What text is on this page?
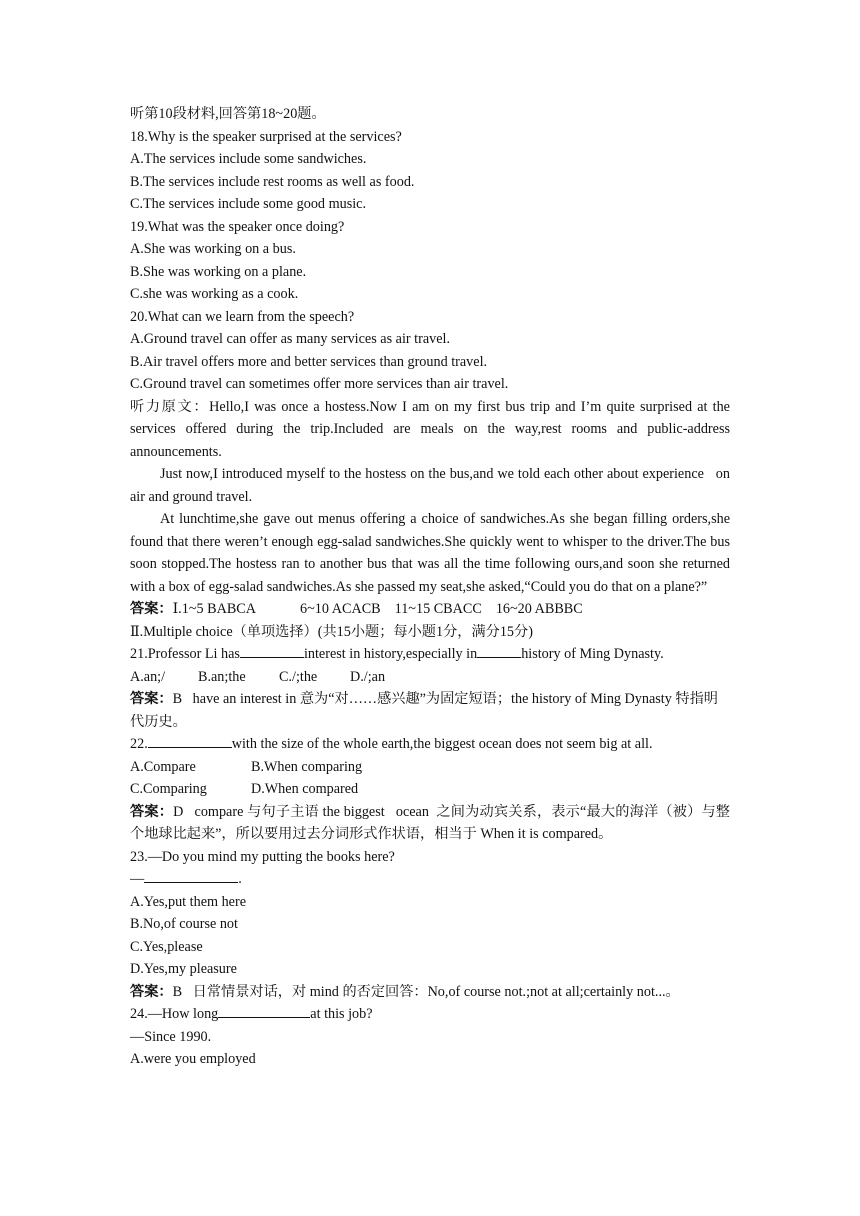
听第10段材料,回答第18~20题。
18.Why is the speaker surprised at the services?
A.The services include some sandwiches.
B.The services include rest rooms as well as food.
C.The services include some good music.
19.What was the speaker once doing?
A.She was working on a bus.
B.She was working on a plane.
C.she was working as a cook.
20.What can we learn from the speech?
A.Ground travel can offer as many services as air travel.
B.Air travel offers more and better services than ground travel.
C.Ground travel can sometimes offer more services than air travel.
听力原文：Hello,I was once a hostess.Now I am on my first bus trip and I’m quite surprised at the services offered during the trip.Included are meals on the way,rest rooms and public-address announcements.
Just now,I introduced myself to the hostess on the bus,and we told each other about experience   on air and ground travel.
At lunchtime,she gave out menus offering a choice of sandwiches.As she began filling orders,she found that there weren’t enough egg-salad sandwiches.She quickly went to whisper to the driver.The bus soon stopped.The hostess ran to another bus that was all the time following ours,and soon she returned with a box of egg-salad sandwiches.As she passed my seat,she asked,“Could you do that on a plane?”
答案：Ⅰ.1~5 BABCA	6~10 ACACB 11~15 CBACC 16~20 ABBBC
Ⅱ.Multiple choice（单项选择）(共15小题；每小题1分，满分15分)
21.Professor Li has	interest in history,especially in	history of Ming Dynasty.
A.an;/ B.an;the C./;the D./;an
答案：B   have an interest in 意为“对……感兴趣”为固定短语；the history of Ming Dynasty 特指明代历史。
22.	with the size of the whole earth,the biggest ocean does not seem big at all.
A.Compare	B.When comparing
C.Comparing	D.When compared
答案：D   compare 与句子主语 the biggest   ocean  之间为动宾关系，表示“最大的海洋（被）与整个地球比起来”，所以要用过去分词形式作状语，相当于 When it is compared。
23.—Do you mind my putting the books here?
—	.
A.Yes,put them here
B.No,of course not
C.Yes,please
D.Yes,my pleasure
答案：B   日常情景对话，对 mind 的否定回答：No,of course not.;not at all;certainly not...。
24.—How long	at this job?
—Since 1990.
A.were you employed
